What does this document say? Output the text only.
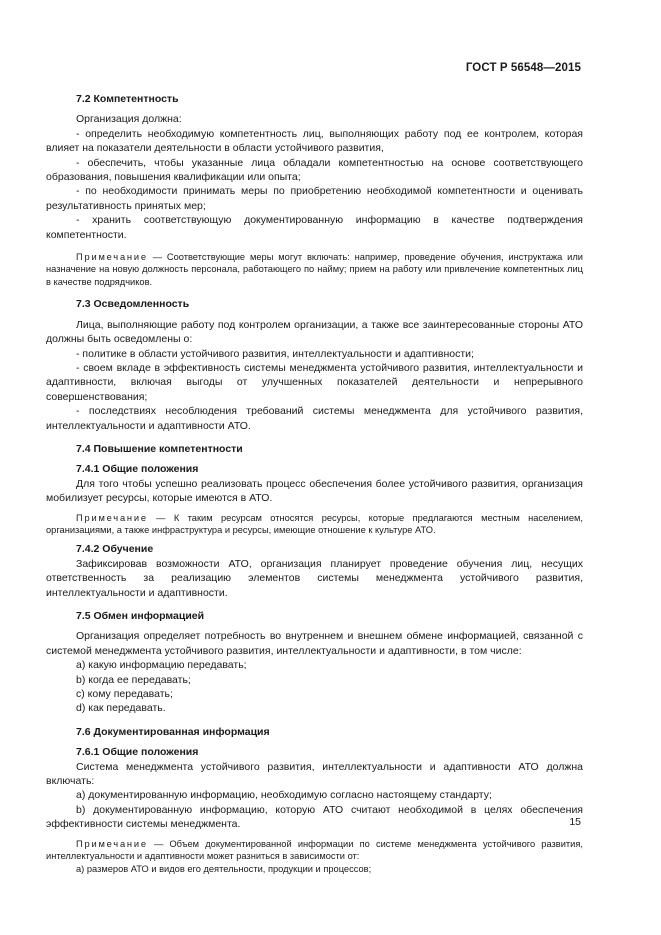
ГОСТ Р 56548—2015

7.2 Компетентность

Организация должна:

- определить необходимую компетентность лиц, выполняющих работу под ее контролем, которая влияет на показатели деятельности в области устойчивого развития,

- обеспечить, чтобы указанные лица обладали компетентностью на основе соответствующего образования, повышения квалификации или опыта;

- по необходимости принимать меры по приобретению необходимой компетентности и оценивать результативность принятых мер;

- хранить соответствующую документированную информацию в качестве подтверждения компетентности.

Примечание — Соответствующие меры могут включать: например, проведение обучения, инструктажа или назначение на новую должность персонала, работающего по найму; прием на работу или привлечение компетентных лиц в качестве подрядчиков.

7.3 Осведомленность

Лица, выполняющие работу под контролем организации, а также все заинтересованные стороны АТО должны быть осведомлены о:

- политике в области устойчивого развития, интеллектуальности и адаптивности;

- своем вкладе в эффективность системы менеджмента устойчивого развития, интеллектуальности и адаптивности, включая выгоды от улучшенных показателей деятельности и непрерывного совершенствования;

- последствиях несоблюдения требований системы менеджмента для устойчивого развития, интеллектуальности и адаптивности АТО.

7.4 Повышение компетентности

7.4.1 Общие положения

Для того чтобы успешно реализовать процесс обеспечения более устойчивого развития, организация мобилизует ресурсы, которые имеются в АТО.

Примечание — К таким ресурсам относятся ресурсы, которые предлагаются местным населением, организациями, а также инфраструктура и ресурсы, имеющие отношение к культуре АТО.

7.4.2 Обучение

Зафиксировав возможности АТО, организация планирует проведение обучения лиц, несущих ответственность за реализацию элементов системы менеджмента устойчивого развития, интеллектуальности и адаптивности.

7.5 Обмен информацией

Организация определяет потребность во внутреннем и внешнем обмене информацией, связанной с системой менеджмента устойчивого развития, интеллектуальности и адаптивности, в том числе:

a) какую информацию передавать;

b) когда ее передавать;

c) кому передавать;

d) как передавать.

7.6 Документированная информация

7.6.1 Общие положения

Система менеджмента устойчивого развития, интеллектуальности и адаптивности АТО должна включать:

a) документированную информацию, необходимую согласно настоящему стандарту;

b) документированную информацию, которую АТО считают необходимой в целях обеспечения эффективности системы менеджмента.

Примечание — Объем документированной информации по системе менеджмента устойчивого развития, интеллектуальности и адаптивности может разниться в зависимости от:

a) размеров АТО и видов его деятельности, продукции и процессов;

15
